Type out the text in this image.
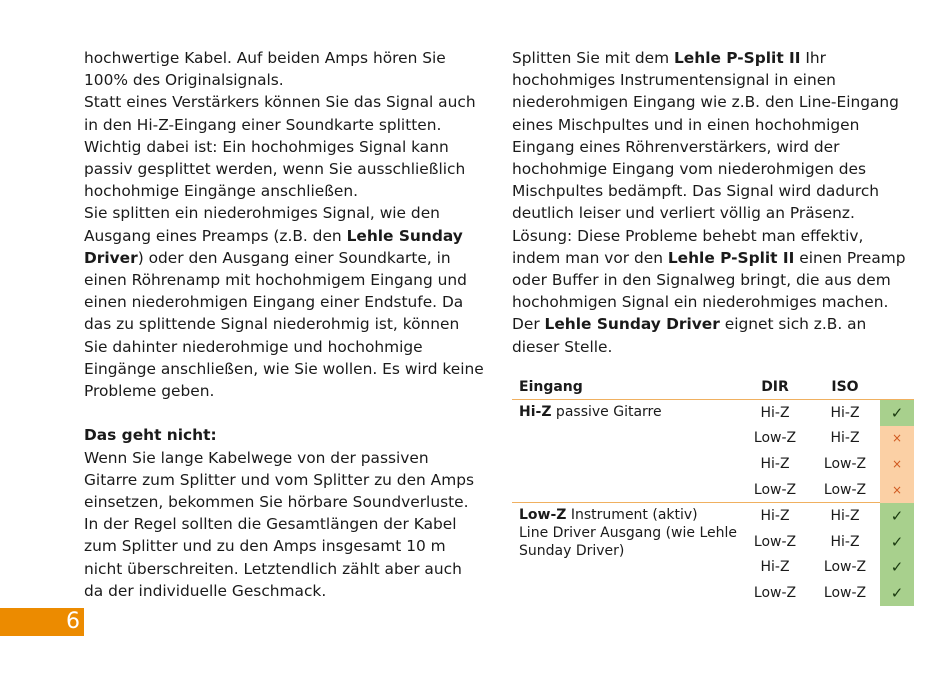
hochwertige Kabel. Auf beiden Amps hören Sie 100% des Originalsignals.

Statt eines Verstärkers können Sie das Signal auch in den Hi-Z-Eingang einer Soundkarte splitten.

Wichtig dabei ist: Ein hochohmiges Signal kann passiv gesplittet werden, wenn Sie ausschließlich hochohmige Eingänge anschließen.

Sie splitten ein niederohmiges Signal, wie den Ausgang eines Preamps (z.B. den Lehle Sunday Driver) oder den Ausgang einer Soundkarte, in einen Röhrenamp mit hochohmigem Eingang und einen niederohmigen Eingang einer Endstufe. Da das zu splittende Signal niederohmig ist, können Sie dahinter niederohmige und hochohmige Eingänge anschließen, wie Sie wollen. Es wird keine Probleme geben.

Das geht nicht:

Wenn Sie lange Kabelwege von der passiven Gitarre zum Splitter und vom Splitter zu den Amps einsetzen, bekommen Sie hörbare Soundverluste.

In der Regel sollten die Gesamtlängen der Kabel zum Splitter und zu den Amps insgesamt 10 m nicht überschreiten. Letztendlich zählt aber auch da der individuelle Geschmack.

Splitten Sie mit dem Lehle P-Split II Ihr hochohmiges Instrumentensignal in einen niederohmigen Eingang wie z.B. den Line-Eingang eines Mischpultes und in einen hochohmigen Eingang eines Röhrenverstärkers, wird der hochohmige Eingang vom niederohmigen des Mischpultes bedämpft. Das Signal wird dadurch deutlich leiser und verliert völlig an Präsenz.

Lösung: Diese Probleme behebt man effektiv, indem man vor den Lehle P-Split II einen Preamp oder Buffer in den Signalweg bringt, die aus dem hochohmigen Signal ein niederohmiges machen.

Der Lehle Sunday Driver eignet sich z.B. an dieser Stelle.

Eingang	DIR	ISO	
Hi-Z passive Gitarre	Hi-Z	Hi-Z	✓
	Low-Z	Hi-Z	×
	Hi-Z	Low-Z	×
	Low-Z	Low-Z	×
Low-Z Instrument (aktiv)
Line Driver Ausgang (wie Lehle Sunday Driver)	Hi-Z	Hi-Z	✓
	Low-Z	Hi-Z	✓
	Hi-Z	Low-Z	✓
	Low-Z	Low-Z	✓
6
